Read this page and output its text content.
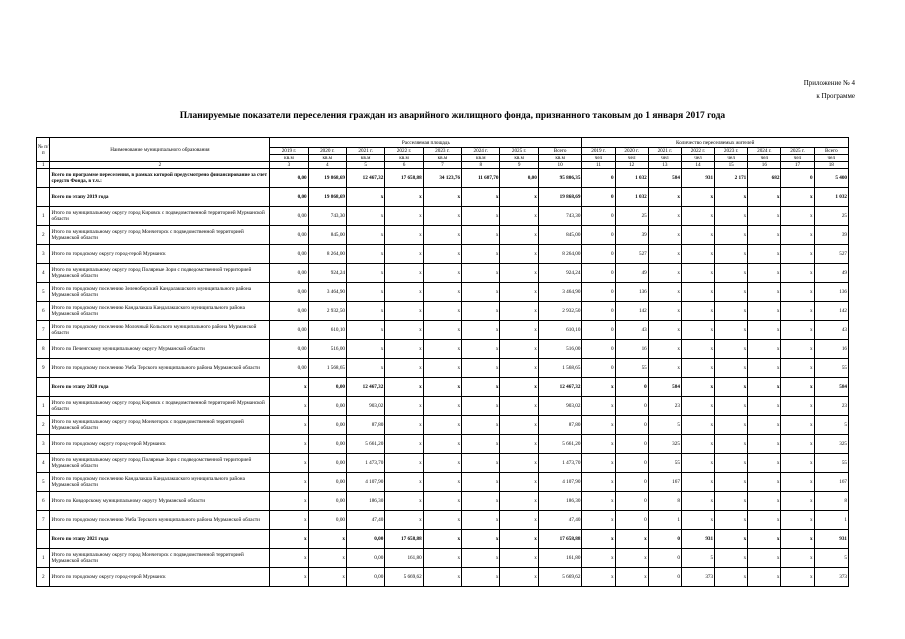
Приложение № 4
к Программе
Планируемые показатели переселения граждан из аварийного жилищного фонда, признанного таковым до 1 января 2017 года
№ п/п	Наименование муниципального образования	Расселяемая площадь								Количество переселяемых жителей							
		2019 г.	2020 г.	2021 г.	2022 г.	2023 г.	2024 г.	2025 г.	Всего	2019 г.	2020 г.	2021 г.	2022 г.	2023 г.	2024 г.	2025 г.	Всего
		кв.м	кв.м	кв.м	кв.м	кв.м	кв.м	кв.м	кв.м	чел	чел	чел	чел	чел	чел	чел	чел
1	2	3	4	5	6	7	8	9	10	11	12	13	14	15	16	17	18
	Всего по программе переселения, в рамках которой предусмотрено финансирование за счет средств Фонда, в т.ч.:	0,00	19 868,69	12 467,32	17 658,88	34 123,76	11 687,70	0,00	95 806,35	0	1 032	584	931	2 171	682	0	5 400
	Всего по этапу 2019 года	0,00	19 868,69	x	x	x	x	x	19 868,69	0	1 032	x	x	x	x	x	1 032
1	Итого по муниципальному округу город Кировск с подведомственной территорией Мурманской области	0,00	743,30	x	x	x	x	x	743,30	0	25	x	x	x	x	x	25
2	Итого по муниципальному округу город Мончегорск с подведомственной территорией Мурманской области	0,00	845,00	x	x	x	x	x	845,00	0	39	x	x	x	x	x	39
3	Итого по городскому округу город-герой Мурманск	0,00	8 264,00	x	x	x	x	x	8 264,00	0	527	x	x	x	x	x	527
4	Итого по муниципальному округу город Полярные Зори с подведомственной территорией Мурманской области	0,00	924,24	x	x	x	x	x	924,24	0	49	x	x	x	x	x	49
5	Итого по городскому поселению Зеленоборский Кандалакшского муниципального района Мурманской области	0,00	3 464,90	x	x	x	x	x	3 464,90	0	136	x	x	x	x	x	136
6	Итого по городскому поселению Кандалакша Кандалакшского муниципального района Мурманской области	0,00	2 932,50	x	x	x	x	x	2 932,50	0	142	x	x	x	x	x	142
7	Итого по городскому поселению Молочный Кольского муниципального района Мурманской области	0,00	610,10	x	x	x	x	x	610,10	0	43	x	x	x	x	x	43
8	Итого по Печенгскому муниципальному округу Мурманской области	0,00	516,00	x	x	x	x	x	516,00	0	16	x	x	x	x	x	16
9	Итого по городскому поселению Умба Терского муниципального района Мурманской области	0,00	1 568,65	x	x	x	x	x	1 568,65	0	55	x	x	x	x	x	55
	Всего по этапу 2020 года	x	0,00	12 467,32	x	x	x	x	12 467,32	x	0	584	x	x	x	x	584
1	Итого по муниципальному округу город Кировск с подведомственной территорией Мурманской области	x	0,00	903,02	x	x	x	x	903,02	x	0	23	x	x	x	x	23
2	Итого по муниципальному округу город Мончегорск с подведомственной территорией Мурманской области	x	0,00	87,80	x	x	x	x	87,80	x	0	5	x	x	x	x	5
3	Итого по городскому округу город-герой Мурманск	x	0,00	5 661,20	x	x	x	x	5 661,20	x	0	325	x	x	x	x	325
4	Итого по муниципальному округу город Полярные Зори с подведомственной территорией Мурманской области	x	0,00	1 473,70	x	x	x	x	1 473,70	x	0	55	x	x	x	x	55
5	Итого по городскому поселению Кандалакша Кандалакшского муниципального района Мурманской области	x	0,00	4 107,90	x	x	x	x	4 107,90	x	0	167	x	x	x	x	167
6	Итого по Ковдорскому муниципальному округу Мурманской области	x	0,00	186,30	x	x	x	x	186,30	x	0	8	x	x	x	x	8
7	Итого по городскому поселению Умба Терского муниципального района Мурманской области	x	0,00	47,40	x	x	x	x	47,40	x	0	1	x	x	x	x	1
	Всего по этапу 2021 года	x	x	0,00	17 658,88	x	x	x	17 658,88	x	x	0	931	x	x	x	931
1	Итого по муниципальному округу город Мончегорск с подведомственной территорией Мурманской области	x	x	0,00	161,80	x	x	x	161,80	x	x	0	5	x	x	x	5
2	Итого по городскому округу город-герой Мурманск	x	x	0,00	5 669,62	x	x	x	5 669,62	x	x	0	373	x	x	x	373
